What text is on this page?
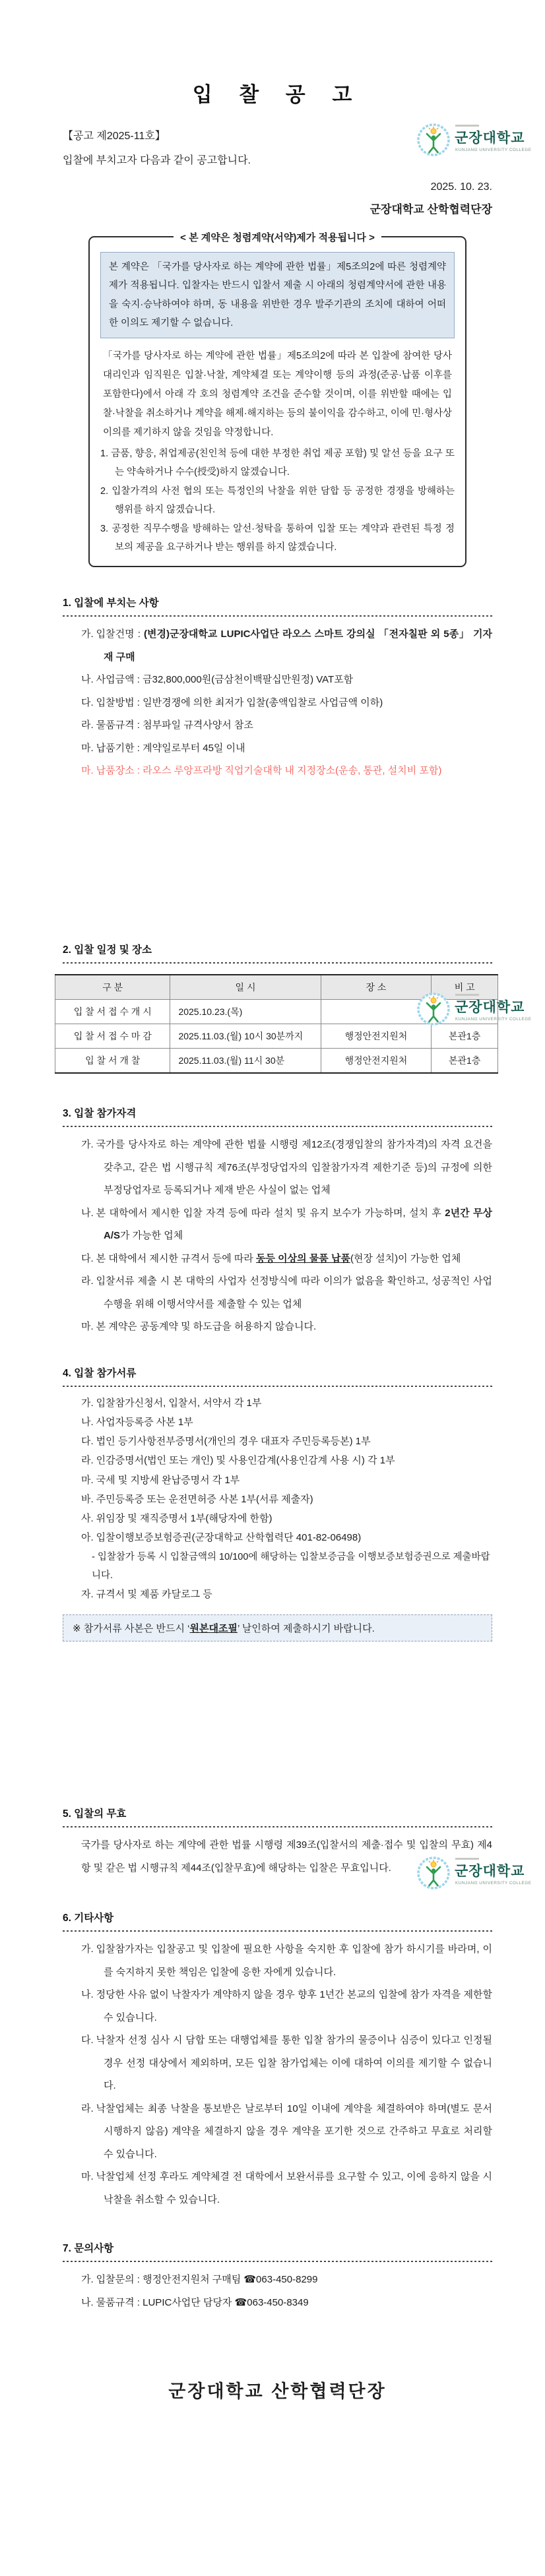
군장대학교
KUNJANG UNIVERSITY COLLEGE
입 찰 공 고
【공고 제2025-11호】
입찰에 부치고자 다음과 같이 공고합니다.
2025. 10. 23.
군장대학교 산학협력단장
< 본 계약은 청렴계약(서약)제가 적용됩니다 >
본 계약은 「국가를 당사자로 하는 계약에 관한 법률」제5조의2에 따른 청렴계약제가 적용됩니다. 입찰자는 반드시 입찰서 제출 시 아래의 청렴계약서에 관한 내용을 숙지·승낙하여야 하며, 동 내용을 위반한 경우 발주기관의 조치에 대하여 어떠한 이의도 제기할 수 없습니다.
「국가를 당사자로 하는 계약에 관한 법률」제5조의2에 따라 본 입찰에 참여한 당사 대리인과 임직원은 입찰·낙찰, 계약체결 또는 계약이행 등의 과정(준공·납품 이후를 포함한다)에서 아래 각 호의 청렴계약 조건을 준수할 것이며, 이를 위반할 때에는 입찰·낙찰을 취소하거나 계약을 해제·해지하는 등의 불이익을 감수하고, 이에 민·형사상 이의를 제기하지 않을 것임을 약정합니다.
1. 금품, 향응, 취업제공(친인척 등에 대한 부정한 취업 제공 포함) 및 알선 등을 요구 또는 약속하거나 수수(授受)하지 않겠습니다.
2. 입찰가격의 사전 협의 또는 특정인의 낙찰을 위한 담합 등 공정한 경쟁을 방해하는 행위를 하지 않겠습니다.
3. 공정한 직무수행을 방해하는 알선·청탁을 통하여 입찰 또는 계약과 관련된 특정 정보의 제공을 요구하거나 받는 행위를 하지 않겠습니다.
1. 입찰에 부치는 사항
가. 입찰건명 : (변경)군장대학교 LUPIC사업단 라오스 스마트 강의실 「전자칠판 외 5종」 기자재 구매
나. 사업금액 : 금32,800,000원(금삼천이백팔십만원정) VAT포함
다. 입찰방법 : 일반경쟁에 의한 최저가 입찰(총액입찰로 사업금액 이하)
라. 물품규격 : 첨부파일 규격사양서 참조
마. 납품기한 : 계약일로부터 45일 이내
마. 납품장소 : 라오스 루앙프라방 직업기술대학 내 지정장소(운송, 통관, 설치비 포함)
군장대학교
KUNJANG UNIVERSITY COLLEGE
2. 입찰 일정 및 장소
구 분	일 시	장 소	비 고
입 찰 서 접 수 개 시	2025.10.23.(목)		
입 찰 서 접 수 마 감	2025.11.03.(월) 10시 30분까지	행정안전지원처	본관1층
입 찰 서 개 찰	2025.11.03.(월) 11시 30분	행정안전지원처	본관1층
3. 입찰 참가자격
가. 국가를 당사자로 하는 계약에 관한 법률 시행령 제12조(경쟁입찰의 참가자격)의 자격 요건을 갖추고, 같은 법 시행규칙 제76조(부정당업자의 입찰참가자격 제한기준 등)의 규정에 의한 부정당업자로 등록되거나 제재 받은 사실이 없는 업체
나. 본 대학에서 제시한 입찰 자격 등에 따라 설치 및 유지 보수가 가능하며, 설치 후 2년간 무상 A/S가 가능한 업체
다. 본 대학에서 제시한 규격서 등에 따라 동등 이상의 물품 납품(현장 설치)이 가능한 업체
라. 입찰서류 제출 시 본 대학의 사업자 선정방식에 따라 이의가 없음을 확인하고, 성공적인 사업수행을 위해 이행서약서를 제출할 수 있는 업체
마. 본 계약은 공동계약 및 하도급을 허용하지 않습니다.
4. 입찰 참가서류
가. 입찰참가신청서, 입찰서, 서약서 각 1부
나. 사업자등록증 사본 1부
다. 법인 등기사항전부증명서(개인의 경우 대표자 주민등록등본) 1부
라. 인감증명서(법인 또는 개인) 및 사용인감계(사용인감계 사용 시) 각 1부
마. 국세 및 지방세 완납증명서 각 1부
바. 주민등록증 또는 운전면허증 사본 1부(서류 제출자)
사. 위임장 및 재직증명서 1부(해당자에 한함)
아. 입찰이행보증보험증권(군장대학교 산학협력단 401-82-06498)
- 입찰참가 등록 시 입찰금액의 10/100에 해당하는 입찰보증금을 이행보증보험증권으로 제출바랍니다.
자. 규격서 및 제품 카달로그 등
※ 참가서류 사본은 반드시 ‘원본대조필’ 날인하여 제출하시기 바랍니다.
군장대학교
KUNJANG UNIVERSITY COLLEGE
5. 입찰의 무효
국가를 당사자로 하는 계약에 관한 법률 시행령 제39조(입찰서의 제출·접수 및 입찰의 무효) 제4항 및 같은 법 시행규칙 제44조(입찰무효)에 해당하는 입찰은 무효입니다.
6. 기타사항
가. 입찰참가자는 입찰공고 및 입찰에 필요한 사항을 숙지한 후 입찰에 참가 하시기를 바라며, 이를 숙지하지 못한 책임은 입찰에 응한 자에게 있습니다.
나. 정당한 사유 없이 낙찰자가 계약하지 않을 경우 향후 1년간 본교의 입찰에 참가 자격을 제한할 수 있습니다.
다. 낙찰자 선정 심사 시 담합 또는 대행업체를 통한 입찰 참가의 물증이나 심증이 있다고 인정될 경우 선정 대상에서 제외하며, 모든 입찰 참가업체는 이에 대하여 이의를 제기할 수 없습니다.
라. 낙찰업체는 최종 낙찰을 통보받은 날로부터 10일 이내에 계약을 체결하여야 하며(별도 문서 시행하지 않음) 계약을 체결하지 않을 경우 계약을 포기한 것으로 간주하고 무효로 처리할 수 있습니다.
마. 낙찰업체 선정 후라도 계약체결 전 대학에서 보완서류를 요구할 수 있고, 이에 응하지 않을 시 낙찰을 취소할 수 있습니다.
7. 문의사항
가. 입찰문의 : 행정안전지원처 구매팀 ☎063-450-8299
나. 물품규격 : LUPIC사업단 담당자 ☎063-450-8349
군장대학교 산학협력단장
